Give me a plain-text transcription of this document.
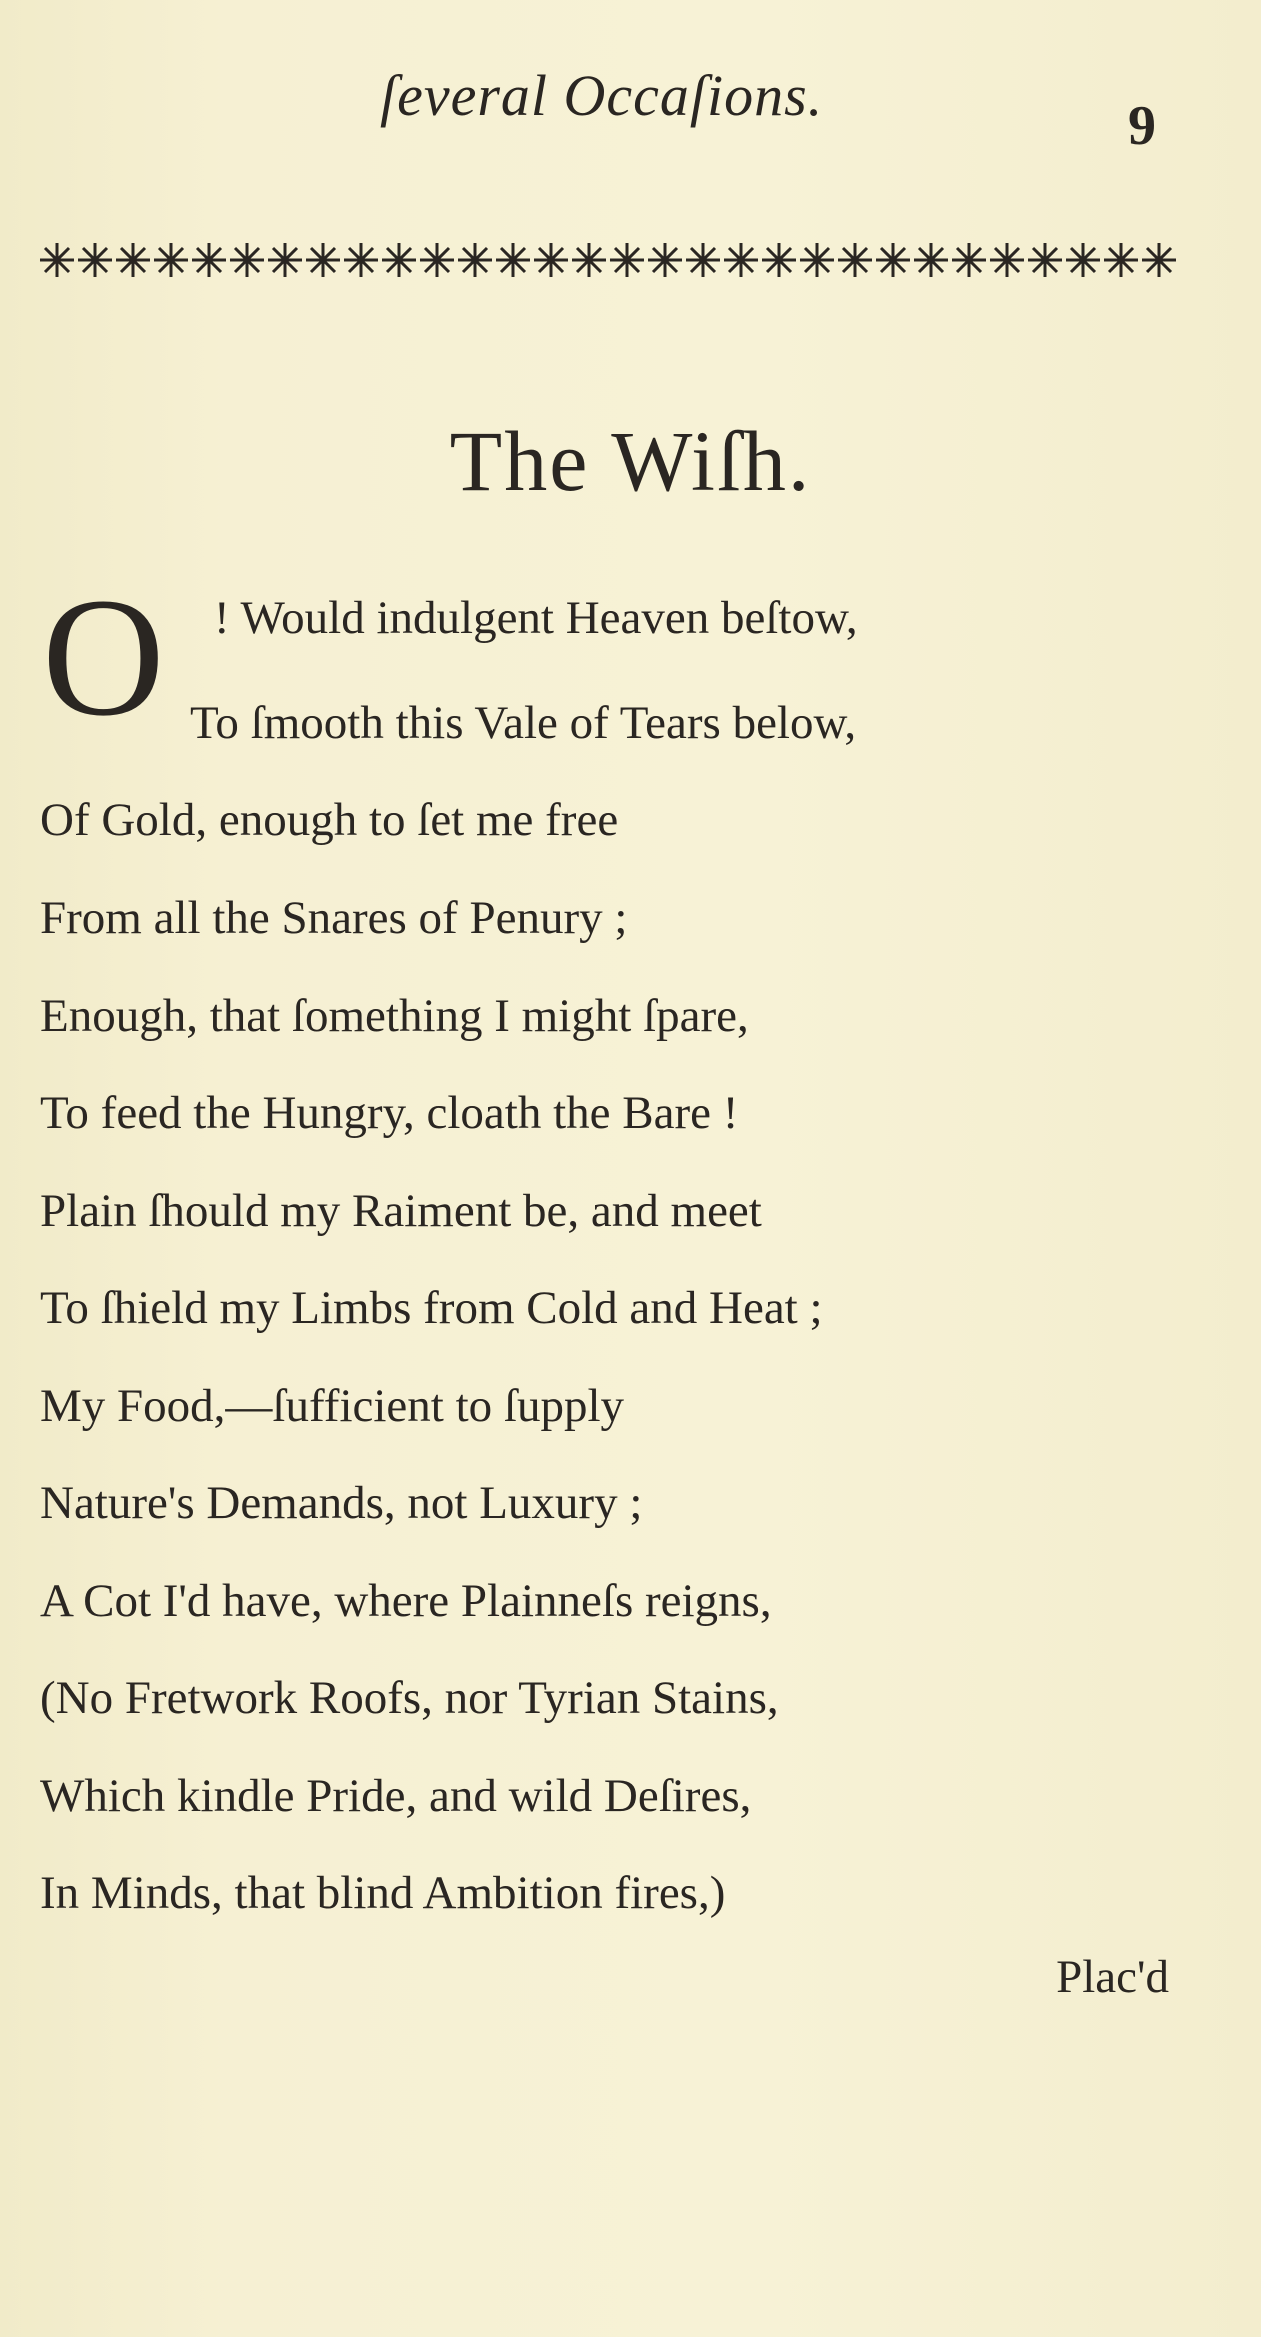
ſeveral Occaſions.	9
The Wiſh.
O ! Would indulgent Heaven beſtow,
To ſmooth this Vale of Tears below,
Of Gold, enough to ſet me free
From all the Snares of Penury ;
Enough, that ſomething I might ſpare,
To feed the Hungry, cloath the Bare !
Plain ſhould my Raiment be, and meet
To ſhield my Limbs from Cold and Heat ;
My Food,—ſufficient to ſupply
Nature's Demands, not Luxury ;
A Cot I'd have, where Plainneſs reigns,
(No Fretwork Roofs, nor Tyrian Stains,
Which kindle Pride, and wild Deſires,
In Minds, that blind Ambition fires,)
Plac'd
